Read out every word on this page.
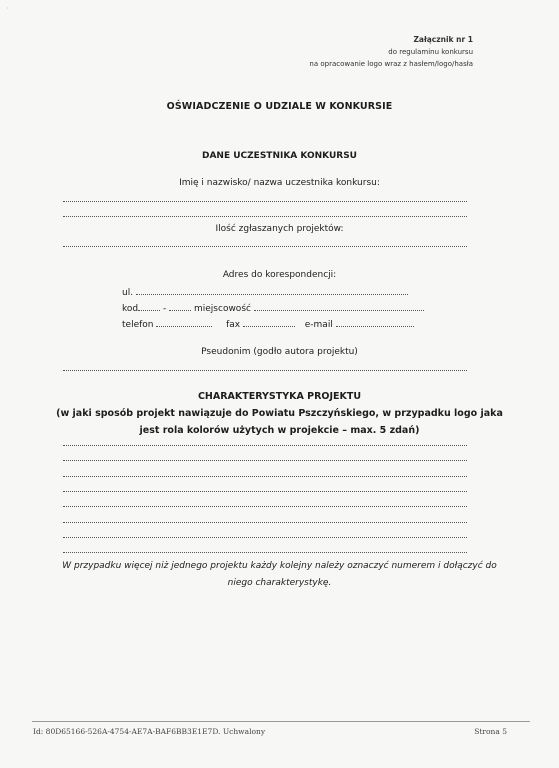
·
Załącznik nr 1
do regulaminu konkursu
na opracowanie logo wraz z hasłem/logo/hasła
OŚWIADCZENIE O UDZIALE W KONKURSIE
DANE UCZESTNIKA KONKURSU
Imię i nazwisko/ nazwa uczestnika konkursu:
Ilość zgłaszanych projektów:
Adres do korespondencji:
ul.
kod	-	miejscowość
telefon	fax	e-mail
Pseudonim (godło autora projektu)
CHARAKTERYSTYKA PROJEKTU
(w jaki sposób projekt nawiązuje do Powiatu Pszczyńskiego, w przypadku logo jaka
jest rola kolorów użytych w projekcie – max. 5 zdań)
W przypadku więcej niż jednego projektu każdy kolejny należy oznaczyć numerem i dołączyć do
niego charakterystykę.
Id: 80D65166-526A-4754-AE7A-BAF6BB3E1E7D. Uchwalony	Strona 5
